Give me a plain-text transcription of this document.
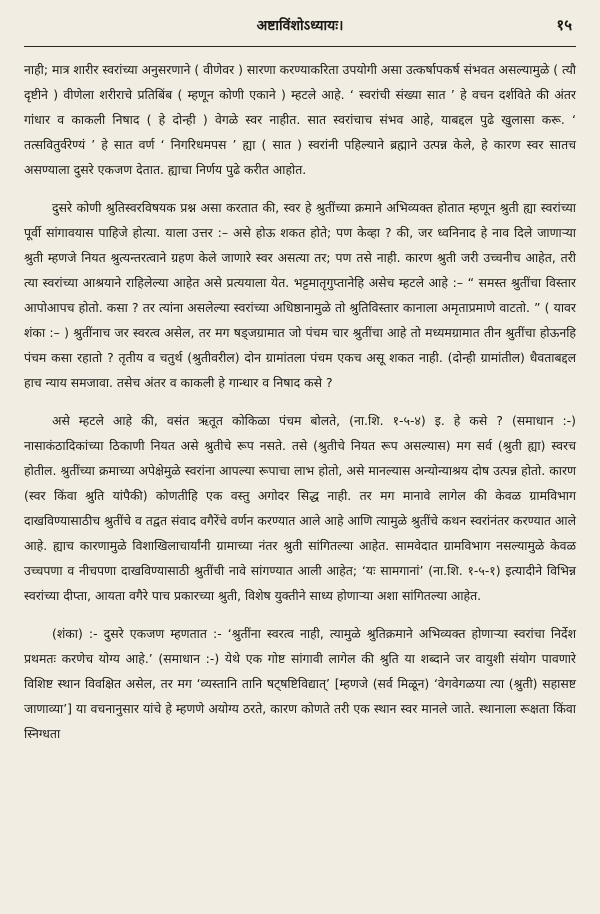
अष्टाविंशोऽध्यायः।	१५

नाही; मात्र शारीर स्वरांच्या अनुसरणाने ( वीणेवर ) सारणा करण्याकरिता उपयोगी असा उत्कर्षापकर्ष संभवत असल्यामुळे ( त्यौ दृष्टीने ) वीणेला शरीराचे प्रतिबिंब ( म्हणून कोणी एकाने ) म्हटले आहे. ‘ स्वरांची संख्या सात ’ हे वचन दर्शविते की अंतर गांधार व काकली निषाद ( हे दोन्ही ) वेगळे स्वर नाहीत. सात स्वरांचाच संभव आहे, याबद्दल पुढे खुलासा करू. ‘ तत्सवितुर्वरेण्यं ’ हे सात वर्ण ‘ निगरिधमपस ’ ह्या ( सात ) स्वरांनी पहिल्याने ब्रह्माने उत्पन्न केले, हे कारण स्वर सातच असण्याला दुसरे एकजण देतात. ह्याचा निर्णय पुढे करीत आहोत.

दुसरे कोणी श्रुतिस्वरविषयक प्रश्न असा करतात की, स्वर हे श्रुतींच्या क्रमाने अभिव्यक्त होतात म्हणून श्रुती ह्या स्वरांच्या पूर्वी सांगावयास पाहिजे होत्या. याला उत्तर :– असे होऊ शकत होते; पण केव्हा ? की, जर ध्वनिनाद हे नाव दिले जाणाऱ्या श्रुती म्हणजे नियत श्रुत्यन्तरत्वाने ग्रहण केले जाणारे स्वर असत्या तर; पण तसे नाही. कारण श्रुती जरी उच्चनीच आहेत, तरी त्या स्वरांच्या आश्रयाने राहिलेल्या आहेत असे प्रत्ययाला येत. भट्टमातृगुप्तानेहि असेच म्हटले आहे :– “ समस्त श्रुतींचा विस्तार आपोआपच होतो. कसा ? तर त्यांना असलेल्या स्वरांच्या अधिष्ठानामुळे तो श्रुतिविस्तार कानाला अमृताप्रमाणे वाटतो. ” ( यावर शंका :– ) श्रुतींनाच जर स्वरत्व असेल, तर मग षड्जग्रामात जो पंचम चार श्रुतींचा आहे तो मध्यमग्रामात तीन श्रुतींचा होऊनहि पंचम कसा रहातो ? तृतीय व चतुर्थ (श्रुतीवरील) दोन ग्रामांतला पंचम एकच असू शकत नाही. (दोन्ही ग्रामांतील) धैवताबद्दल हाच न्याय समजावा. तसेच अंतर व काकली हे गान्धार व निषाद कसे ?

असे म्हटले आहे की, वसंत ऋतूत कोकिळा पंचम बोलते, (ना.शि. १-५-४) इ. हे कसे ? (समाधान :-) नासाकंठादिकांच्या ठिकाणी नियत असे श्रुतीचे रूप नसते. तसे (श्रुतीचे नियत रूप असल्यास) मग सर्व (श्रुती ह्या) स्वरच होतील. श्रुतींच्या क्रमाच्या अपेक्षेमुळे स्वरांना आपल्या रूपाचा लाभ होतो, असे मानल्यास अन्योन्याश्रय दोष उत्पन्न होतो. कारण (स्वर किंवा श्रुति यांपैकी) कोणतीहि एक वस्तु अगोदर सिद्ध नाही. तर मग मानावे लागेल की केवळ ग्रामविभाग दाखविण्यासाठीच श्रुतींचे व तद्वत संवाद वगैरेंचे वर्णन करण्यात आले आहे आणि त्यामुळे श्रुतींचे कथन स्वरांनंतर करण्यात आले आहे. ह्याच कारणामुळे विशाखिलाचार्यांनी ग्रामाच्या नंतर श्रुती सांगितल्या आहेत. सामवेदात ग्रामविभाग नसल्यामुळे केवळ उच्चपणा व नीचपणा दाखविण्यासाठी श्रुतींची नावे सांगण्यात आली आहेत; ‘यः सामगानां’ (ना.शि. १-५-१) इत्यादीने विभिन्न स्वरांच्या दीप्ता, आयता वगैरे पाच प्रकारच्या श्रुती, विशेष युक्तीने साध्य होणाऱ्या अशा सांगितल्या आहेत.

(शंका) :- दुसरे एकजण म्हणतात :- ‘श्रुतींना स्वरत्व नाही, त्यामुळे श्रुतिक्रमाने अभिव्यक्त होणाऱ्या स्वरांचा निर्देश प्रथमतः करणेच योग्य आहे.’ (समाधान :-) येथे एक गोष्ट सांगावी लागेल की श्रुति या शब्दाने जर वायुशी संयोग पावणारे विशिष्ट स्थान विवक्षित असेल, तर मग ‘व्यस्तानि तानि षट्षष्टिविद्यात्’ [म्हणजे (सर्व मिळून) ‘वेगवेगळया त्या (श्रुती) सहासष्ट जाणाव्या’] या वचनानुसार यांचे हे म्हणणे अयोग्य ठरते, कारण कोणते तरी एक स्थान स्वर मानले जाते. स्थानाला रूक्षता किंवा स्निग्धता
